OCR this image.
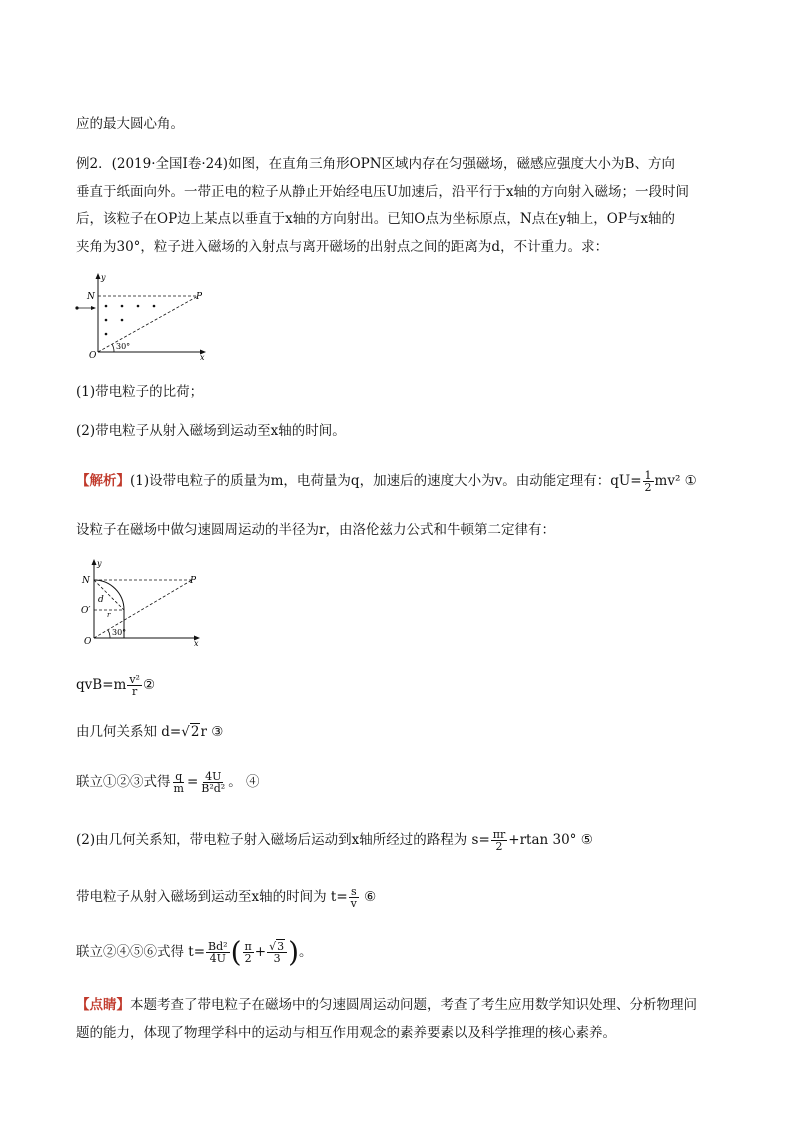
应的最大圆心角。
例2．(2019·全国Ⅰ卷·24)如图，在直角三角形OPN区域内存在匀强磁场，磁感应强度大小为B、方向
垂直于纸面向外。一带正电的粒子从静止开始经电压U加速后，沿平行于x轴的方向射入磁场；一段时间
后，该粒子在OP边上某点以垂直于x轴的方向射出。已知O点为坐标原点，N点在y轴上，OP与x轴的
夹角为30°，粒子进入磁场的入射点与离开磁场的出射点之间的距离为d，不计重力。求：
y
x
N	P
O
30°
(1)带电粒子的比荷；
(2)带电粒子从射入磁场到运动至x轴的时间。
【解析】(1)设带电粒子的质量为m，电荷量为q，加速后的速度大小为v。由动能定理有：$qU= \frac{1}{2} mv^2$ ①
设粒子在磁场中做匀速圆周运动的半径为r，由洛伦兹力公式和牛顿第二定律有：
y
x
N	P
O
O′
d
r
30°
$qvB=m \frac{\text{v²}}{r}$ ②
由几何关系知 d=√2r ③
联立①②③式得 $\frac{q}{m} = \frac{4U}{\text{B²d²}}$ 。 ④
(2)由几何关系知，带电粒子射入磁场后运动到x轴所经过的路程为 $s= \frac{\pi r}{2} +rtan$ 30° ⑤
带电粒子从射入磁场到运动至x轴的时间为 $t= \frac{s}{v}$ ⑥
联立②④⑤⑥式得 $t= \frac{\text{Bd²}}{4U}$ ( $\frac{\pi}{2} + \frac{√3}{3}$ )。
【点睛】本题考查了带电粒子在磁场中的匀速圆周运动问题，考查了考生应用数学知识处理、分析物理问
题的能力，体现了物理学科中的运动与相互作用观念的素养要素以及科学推理的核心素养。
